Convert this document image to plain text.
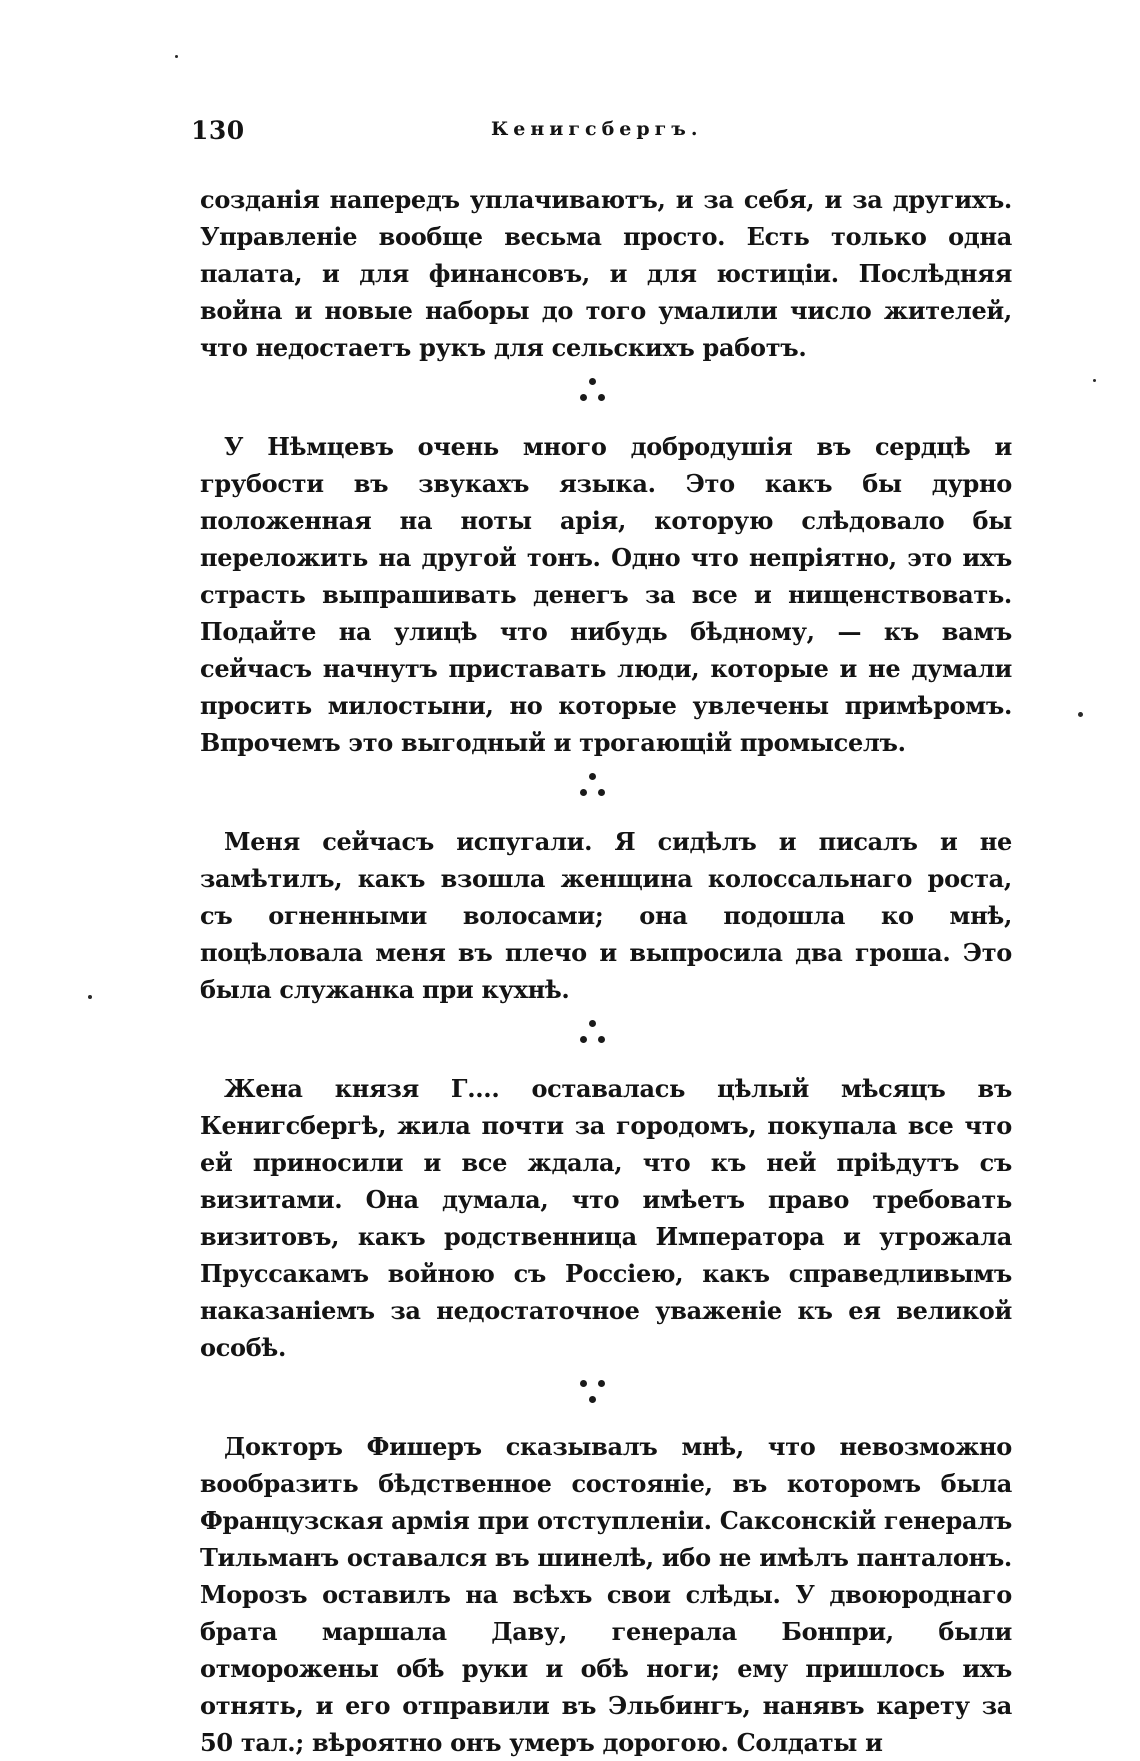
130	Кенигсбергъ.

созданія напередъ уплачиваютъ, и за себя, и за другихъ. Управленіе вообще весьма просто. Есть только одна палата, и для финансовъ, и для юстиціи. Послѣдняя война и новые наборы до того умалили число жителей, что недостаетъ рукъ для сельскихъ работъ.

У Нѣмцевъ очень много добродушія въ сердцѣ и грубости въ звукахъ языка. Это какъ бы дурно положенная на ноты арія, которую слѣдовало бы переложить на другой тонъ. Одно что непріятно, это ихъ страсть выпрашивать денегъ за все и нищенствовать. Подайте на улицѣ что нибудь бѣдному, — къ вамъ сейчасъ начнутъ приставать люди, которые и не думали просить милостыни, но которые увлечены примѣромъ. Впрочемъ это выгодный и трогающій промыселъ.

Меня сейчасъ испугали. Я сидѣлъ и писалъ и не замѣтилъ, какъ взошла женщина колоссальнаго роста, съ огненными волосами; она подошла ко мнѣ, поцѣловала меня въ плечо и выпросила два гроша. Это была служанка при кухнѣ.

Жена князя Г.... оставалась цѣлый мѣсяцъ въ Кенигсбергѣ, жила почти за городомъ, покупала все что ей приносили и все ждала, что къ ней пріѣдутъ съ визитами. Она думала, что имѣетъ право требовать визитовъ, какъ родственница Императора и угрожала Пруссакамъ войною съ Россіею, какъ справедливымъ наказаніемъ за недостаточное уваженіе къ ея великой особѣ.

Докторъ Фишеръ сказывалъ мнѣ, что невозможно вообразить бѣдственное состояніе, въ которомъ была Французская армія при отступленіи. Саксонскій генералъ Тильманъ оставался въ шинелѣ, ибо не имѣлъ панталонъ. Морозъ оставилъ на всѣхъ свои слѣды. У двоюроднаго брата маршала Даву, генерала Бонпри, были отморожены обѣ руки и обѣ ноги; ему пришлось ихъ отнять, и его отправили въ Эльбингъ, нанявъ карету за 50 тал.; вѣроятно онъ умеръ дорогою. Солдаты и
